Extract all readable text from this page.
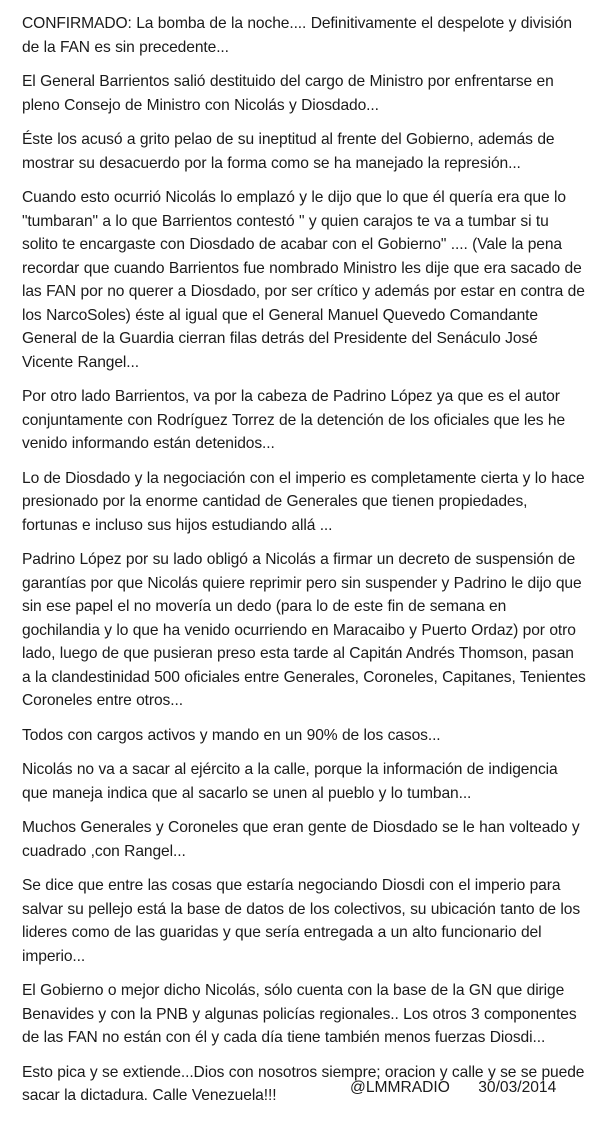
CONFIRMADO: La bomba de la noche.... Definitivamente el despelote y división de la FAN es sin precedente...

El General Barrientos salió destituido del cargo de Ministro por enfrentarse en pleno Consejo de Ministro con Nicolás y Diosdado...

Éste los acusó a grito pelao de su ineptitud al frente del Gobierno, además de mostrar su desacuerdo por la forma como se ha manejado la represión...

Cuando esto ocurrió Nicolás lo emplazó y le dijo que lo que él quería era que lo "tumbaran" a lo que Barrientos contestó " y quien carajos te va a tumbar si tu solito te encargaste con Diosdado de acabar con el Gobierno" .... (Vale la pena recordar que cuando Barrientos fue nombrado Ministro les dije que era sacado de las FAN por no querer a Diosdado, por ser crítico y además por estar en contra de los NarcoSoles) éste al igual que el General Manuel Quevedo Comandante General de la Guardia cierran filas detrás del Presidente del Senáculo José Vicente Rangel...

Por otro lado Barrientos, va por la cabeza de Padrino López ya que es el autor conjuntamente con Rodríguez Torrez de la detención de los oficiales que les he venido informando están detenidos...

Lo de Diosdado y la negociación con el imperio es completamente cierta y lo hace presionado por la enorme cantidad de Generales que tienen propiedades, fortunas e incluso sus hijos estudiando allá ...

Padrino López por su lado obligó a Nicolás a firmar un decreto de suspensión de garantías por que Nicolás quiere reprimir pero sin suspender y Padrino le dijo que sin ese papel el no movería un dedo (para lo de este fin de semana en gochilandia y lo que ha venido ocurriendo en Maracaibo y Puerto Ordaz) por otro lado, luego de que pusieran preso esta tarde al Capitán Andrés Thomson, pasan a la clandestinidad 500 oficiales entre Generales, Coroneles, Capitanes, Tenientes Coroneles entre otros...

Todos con cargos activos y mando en un 90% de los casos...

Nicolás no va a sacar al ejército a la calle, porque la información de indigencia que maneja indica que al sacarlo se unen al pueblo y lo tumban...

Muchos Generales y Coroneles que eran gente de Diosdado se le han volteado y cuadrado ,con Rangel...

Se dice que entre las cosas que estaría negociando Diosdi con el imperio para salvar su pellejo está la base de datos de los colectivos, su ubicación tanto de los lideres como de las guaridas y que sería entregada a un alto funcionario del imperio...

El Gobierno o mejor dicho Nicolás, sólo cuenta con la base de la GN que dirige Benavides y con la PNB y algunas policías regionales.. Los otros 3 componentes de las FAN no están con él y cada día tiene también menos fuerzas Diosdi...

Esto pica y se extiende...Dios con nosotros siempre; oracion y calle y se se puede sacar la dictadura. Calle Venezuela!!!	@LMMRADIO 30/03/2014
